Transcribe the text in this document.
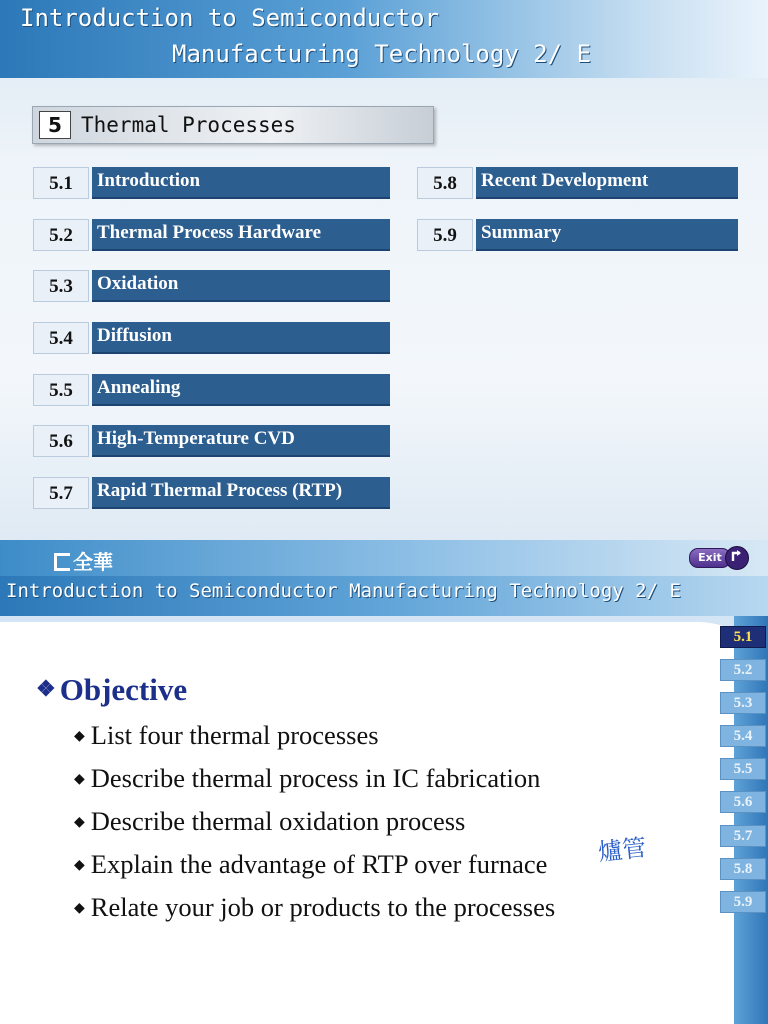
Introduction to Semiconductor
Manufacturing Technology 2/ E
5 Thermal Processes
5.1	Introduction
5.2	Thermal Process Hardware
5.3	Oxidation
5.4	Diffusion
5.5	Annealing
5.6	High-Temperature CVD
5.7	Rapid Thermal Process (RTP)
5.8	Recent Development
5.9	Summary
全華	Exit
Introduction to Semiconductor Manufacturing Technology 2/ E
5.1
5.2
5.3
5.4
5.5
5.6
5.7
5.8
5.9
❖ Objective
◆ List four thermal processes
◆ Describe thermal process in IC fabrication
◆ Describe thermal oxidation process
◆ Explain the advantage of RTP over furnace
◆ Relate your job or products to the processes
爐管
